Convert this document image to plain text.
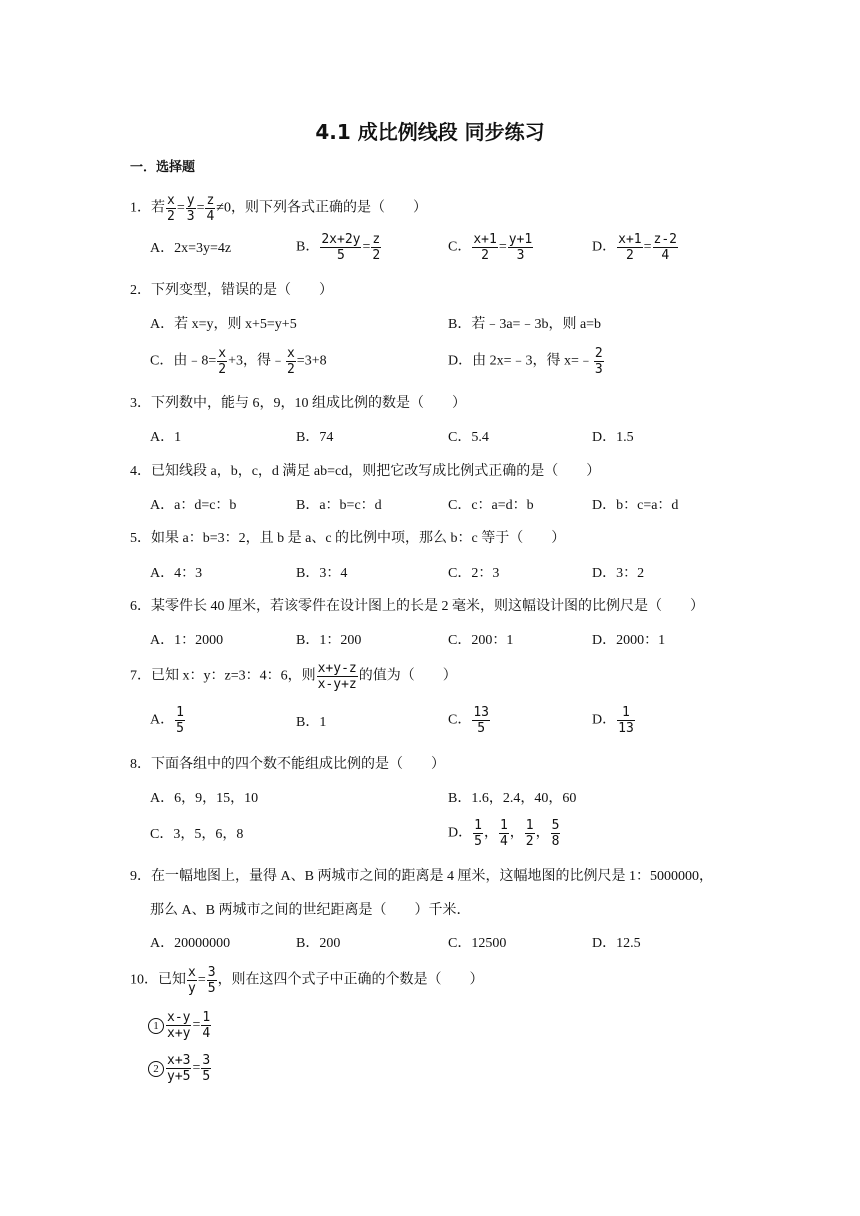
4.1 成比例线段 同步练习
一．选择题
1．若 $\frac{x}{2} = \frac{y}{3} = \frac{z}{4} \ne 0$，则下列各式正确的是（　　）
A．2x=3y=4z	B． $\frac{2x+2y}{5} = \frac{z}{2}$	C． $\frac{x+1}{2} = \frac{y+1}{3}$	D． $\frac{x+1}{2} = \frac{z-2}{4}$
2．下列变型，错误的是（　　）
A．若 x=y，则 x+5=y+5	B．若﹣3a=﹣3b，则 a=b
C．由﹣8= $\frac{x}{2} +3$，得﹣ $\frac{x}{2} =3+8$	D．由 2x=﹣3，得 x=﹣ $\frac{2}{3}$
3．下列数中，能与 6，9，10 组成比例的数是（　　）
A．1	B．74	C．5.4	D．1.5
4．已知线段 a，b，c，d 满足 ab=cd，则把它改写成比例式正确的是（　　）
A．a：d=c：b	B．a：b=c：d	C．c：a=d：b	D．b：c=a：d
5．如果 a：b=3：2，且 b 是 a、c 的比例中项，那么 b：c 等于（　　）
A．4：3	B．3：4	C．2：3	D．3：2
6．某零件长 40 厘米，若该零件在设计图上的长是 2 毫米，则这幅设计图的比例尺是（　　）
A．1：2000	B．1：200	C．200：1	D．2000：1
7．已知 x：y：z=3：4：6，则 $\frac{x+y-z}{x-y+z}$ 的值为（　　）
A． $\frac{1}{5}$	B．1	C． $\frac{13}{5}$	D． $\frac{1}{13}$
8．下面各组中的四个数不能组成比例的是（　　）
A．6，9，15，10	B．1.6，2.4，40，60
C．3，5，6，8	D． $\frac{1}{5}$ ， $\frac{1}{4}$ ， $\frac{1}{2}$ ， $\frac{5}{8}$
9．在一幅地图上，量得 A、B 两城市之间的距离是 4 厘米，这幅地图的比例尺是 1：5000000，
那么 A、B 两城市之间的世纪距离是（　　）千米．
A．20000000	B．200	C．12500	D．12.5
10．已知 $\frac{x}{y} = \frac{3}{5}$ ，则在这四个式子中正确的个数是（　　）
$1 \frac{x-y}{x+y} = \frac{1}{4}$
$2 \frac{x+3}{y+5} = \frac{3}{5}$
